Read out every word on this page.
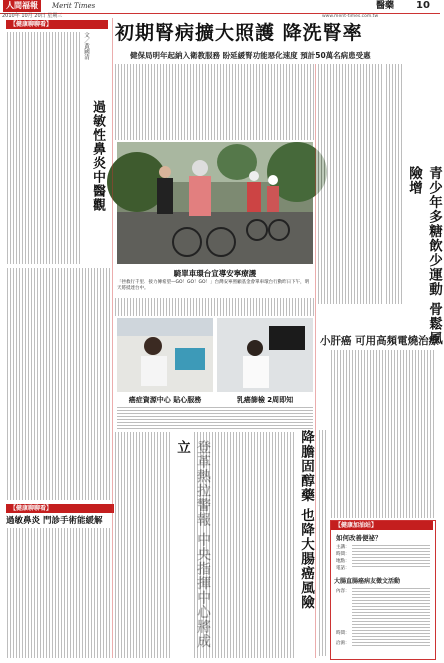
人間福報	Merit Times
2010年 10月 20日 星期三
醫藥 10
www.merit-times.com.tw
初期腎病擴大照護 降洗腎率
健保局明年起納入衛教服務 盼延緩腎功能惡化速度 預計50萬名病患受惠
【健康聊聊看】
文／黃國清
過敏性鼻炎中醫觀
【健康聊聊看】
過敏鼻炎 門診手術能緩解
騎單車環台宣導安寧療護
「拯救行千里．接力傳希望—GO！GO！GO！」台灣安寧照顧基金會單車環台行動昨日下午，明天將抵達台中。
癌症資源中心 貼心服務	乳癌篩檢 2周即知
立	降膽固醇藥 也降大腸癌風險
青少年多糖飲少運動 骨鬆風險增
小肝癌 可用高頻電燒治療
【健康加油站】
如何改善便祕？
主講：
時間：
地點：
電話：
大腸直腸癌病友徵文活動
內容：
時間：
洽詢：
